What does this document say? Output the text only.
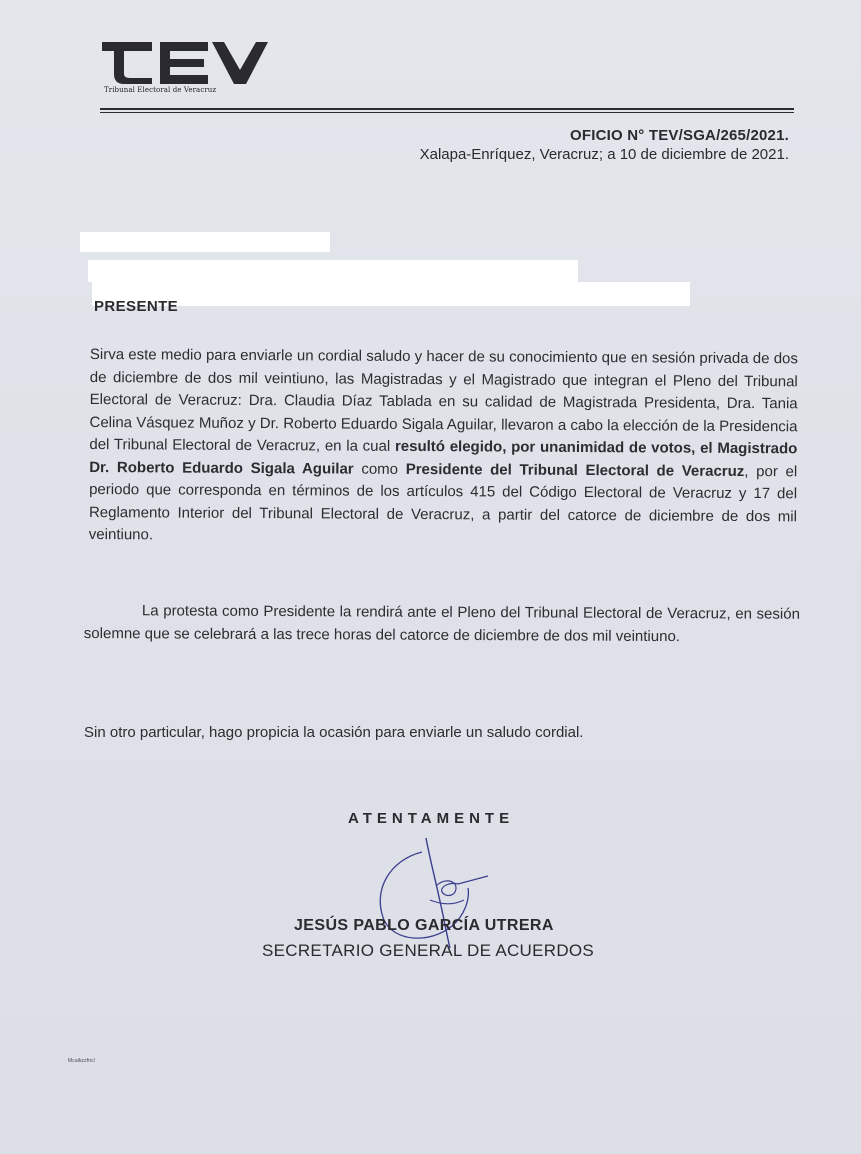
Tribunal Electoral de Veracruz
OFICIO N° TEV/SGA/265/2021.
Xalapa-Enríquez, Veracruz; a 10 de diciembre de 2021.
PRESENTE
Sirva este medio para enviarle un cordial saludo y hacer de su conocimiento que en sesión privada de dos de diciembre de dos mil veintiuno, las Magistradas y el Magistrado que integran el Pleno del Tribunal Electoral de Veracruz: Dra. Claudia Díaz Tablada en su calidad de Magistrada Presidenta, Dra. Tania Celina Vásquez Muñoz y Dr. Roberto Eduardo Sigala Aguilar, llevaron a cabo la elección de la Presidencia del Tribunal Electoral de Veracruz, en la cual resultó elegido, por unanimidad de votos, el Magistrado Dr. Roberto Eduardo Sigala Aguilar como Presidente del Tribunal Electoral de Veracruz, por el periodo que corresponda en términos de los artículos 415 del Código Electoral de Veracruz y 17 del Reglamento Interior del Tribunal Electoral de Veracruz, a partir del catorce de diciembre de dos mil veintiuno.
La protesta como Presidente la rendirá ante el Pleno del Tribunal Electoral de Veracruz, en sesión solemne que se celebrará a las trece horas del catorce de diciembre de dos mil veintiuno.
Sin otro particular, hago propicia la ocasión para enviarle un saludo cordial.
ATENTAMENTE
JESÚS PABLO GARCÍA UTRERA
SECRETARIO GENERAL DE ACUERDOS
Mcalkzzfnc/
